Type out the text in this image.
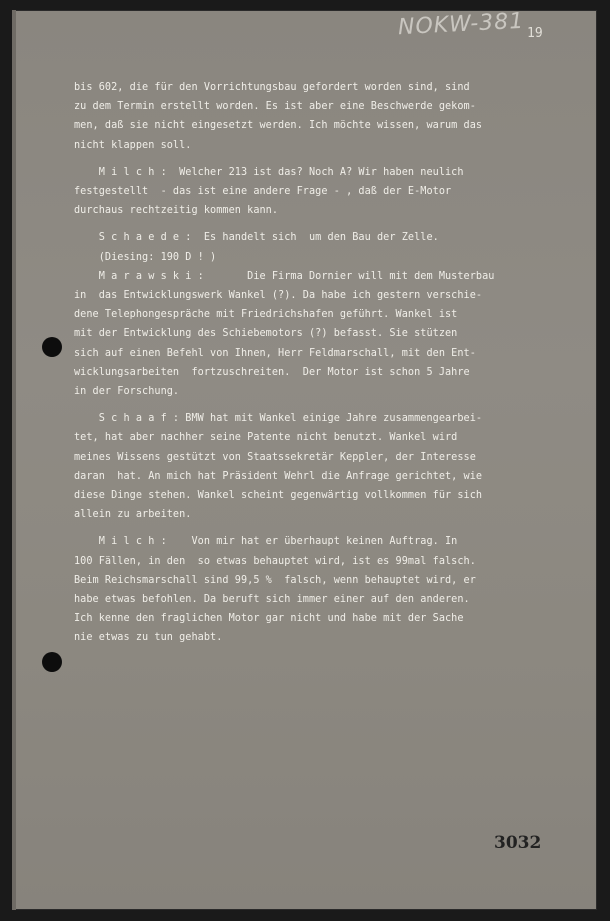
NOKW-381 19
bis 602, die für den Vorrichtungsbau gefordert worden sind, sind
zu dem Termin erstellt worden. Es ist aber eine Beschwerde gekom-
men, daß sie nicht eingesetzt werden. Ich möchte wissen, warum das
nicht klappen soll.
M i l c h :  Welcher 213 ist das? Noch A? Wir haben neulich
festgestellt  - das ist eine andere Frage - , daß der E-Motor
durchaus rechtzeitig kommen kann.
S c h a e d e :  Es handelt sich  um den Bau der Zelle.
(Diesing: 190 D ! )
M a r a w s k i :       Die Firma Dornier will mit dem Musterbau
in  das Entwicklungswerk Wankel (?). Da habe ich gestern verschie-
dene Telephongespräche mit Friedrichshafen geführt. Wankel ist
mit der Entwicklung des Schiebemotors (?) befasst. Sie stützen
sich auf einen Befehl von Ihnen, Herr Feldmarschall, mit den Ent-
wicklungsarbeiten  fortzuschreiten.  Der Motor ist schon 5 Jahre
in der Forschung.
S c h a a f : BMW hat mit Wankel einige Jahre zusammengearbei-
tet, hat aber nachher seine Patente nicht benutzt. Wankel wird
meines Wissens gestützt von Staatssekretär Keppler, der Interesse
daran  hat. An mich hat Präsident Wehrl die Anfrage gerichtet, wie
diese Dinge stehen. Wankel scheint gegenwärtig vollkommen für sich
allein zu arbeiten.
M i l c h :    Von mir hat er überhaupt keinen Auftrag. In
100 Fällen, in den  so etwas behauptet wird, ist es 99mal falsch.
Beim Reichsmarschall sind 99,5 %  falsch, wenn behauptet wird, er
habe etwas befohlen. Da beruft sich immer einer auf den anderen.
Ich kenne den fraglichen Motor gar nicht und habe mit der Sache
nie etwas zu tun gehabt.
3032
